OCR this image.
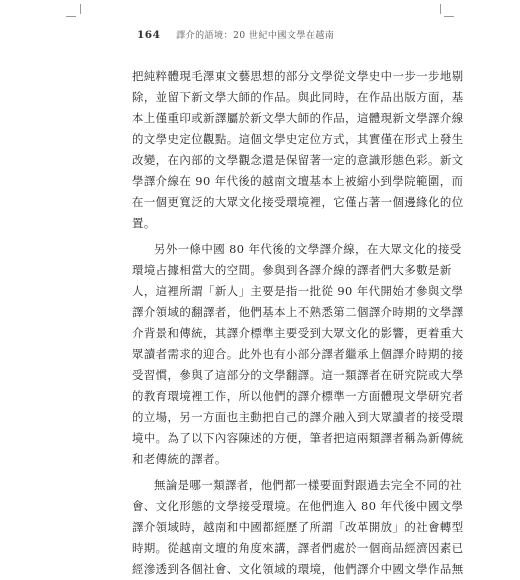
164 譯介的語境：20 世紀中國文學在越南

把純粹體現毛澤東文藝思想的部分文學從文學史中一步一步地剔

除，並留下新文學大師的作品。與此同時，在作品出版方面，基

本上僅重印或新譯屬於新文學大師的作品，這體現新文學譯介線

的文學史定位觀點。這個文學史定位方式，其實僅在形式上發生

改變，在內部的文學觀念還是保留著一定的意識形態色彩。新文

學譯介線在 90 年代後的越南文壇基本上被縮小到學院範圍，而

在一個更寬泛的大眾文化接受環境裡，它僅占著一個邊緣化的位

置。

另外一條中國 80 年代後的文學譯介線，在大眾文化的接受

環境占據相當大的空間。參與到各譯介線的譯者們大多數是新

人，這裡所謂「新人」主要是指一批從 90 年代開始才參與文學

譯介領域的翻譯者，他們基本上不熟悉第二個譯介時期的文學譯

介背景和傳統，其譯介標準主要受到大眾文化的影響，更着重大

眾讀者需求的迎合。此外也有小部分譯者繼承上個譯介時期的接

受習慣，參與了這部分的文學翻譯。這一類譯者在研究院或大學

的教育環境裡工作，所以他們的譯介標準一方面體現文學研究者

的立場，另一方面也主動把自己的譯介融入到大眾讀者的接受環

境中。為了以下內容陳述的方便，筆者把這兩類譯者稱為新傳統

和老傳統的譯者。

無論是哪一類譯者，他們都一樣要面對跟過去完全不同的社

會、文化形態的文學接受環境。在他們進入 80 年代後中國文學

譯介領域時，越南和中國都經歷了所謂「改革開放」的社會轉型

時期。從越南文壇的角度來講，譯者們處於一個商品經濟因素已

經滲透到各個社會、文化領域的環境，他們譯介中國文學作品無
